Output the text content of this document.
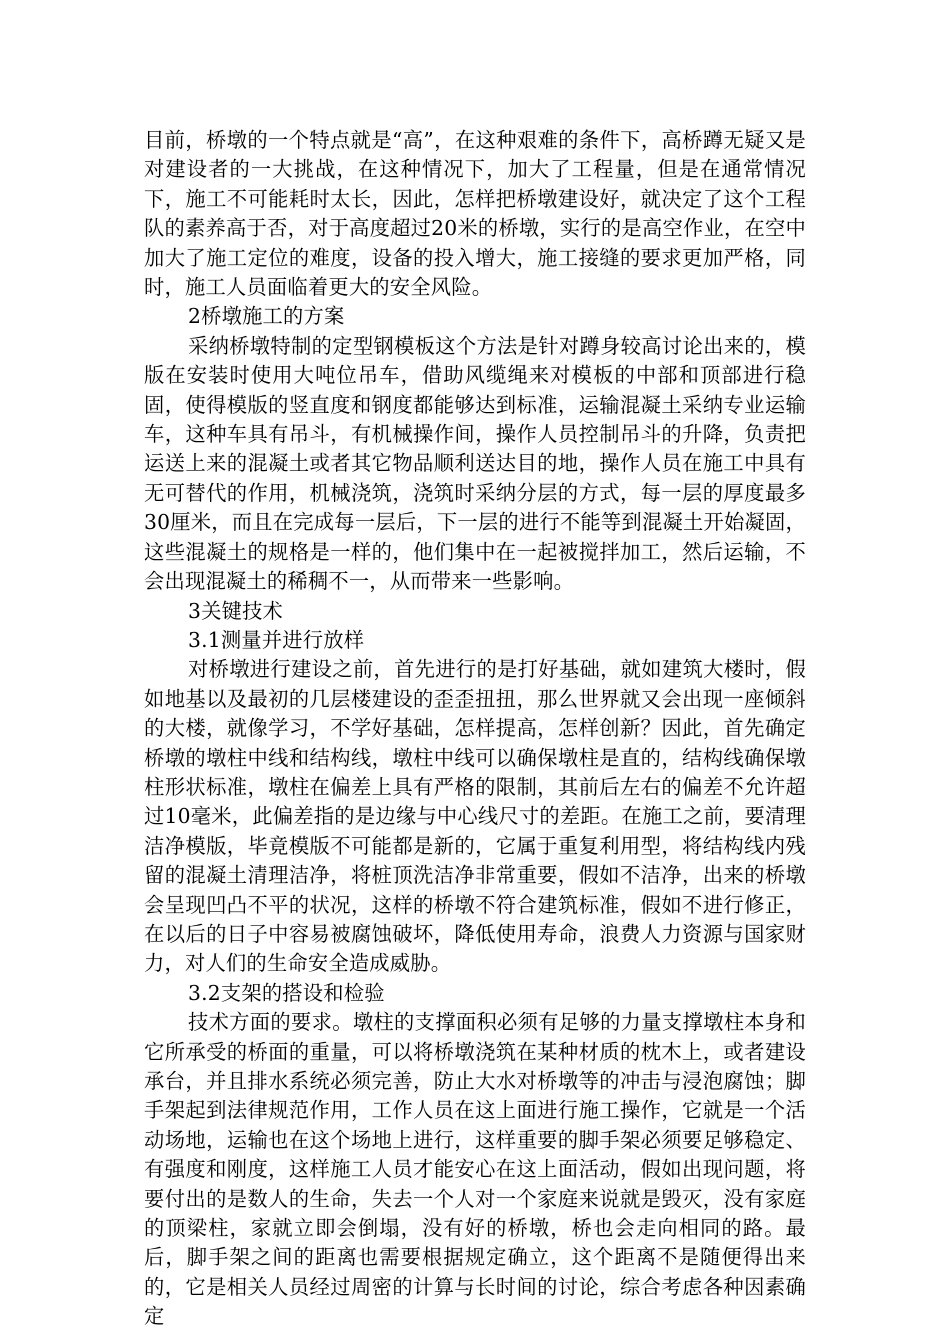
目前，桥墩的一个特点就是“高”，在这种艰难的条件下，高桥蹲无疑又是对建设者的一大挑战，在这种情况下，加大了工程量，但是在通常情况下，施工不可能耗时太长，因此，怎样把桥墩建设好，就决定了这个工程队的素养高于否，对于高度超过20米的桥墩，实行的是高空作业，在空中加大了施工定位的难度，设备的投入增大，施工接缝的要求更加严格，同时，施工人员面临着更大的安全风险。

2桥墩施工的方案

采纳桥墩特制的定型钢模板这个方法是针对蹲身较高讨论出来的，模版在安装时使用大吨位吊车，借助风缆绳来对模板的中部和顶部进行稳固，使得模版的竖直度和钢度都能够达到标准，运输混凝土采纳专业运输车，这种车具有吊斗，有机械操作间，操作人员控制吊斗的升降，负责把运送上来的混凝土或者其它物品顺利送达目的地，操作人员在施工中具有无可替代的作用，机械浇筑，浇筑时采纳分层的方式，每一层的厚度最多30厘米，而且在完成每一层后，下一层的进行不能等到混凝土开始凝固，这些混凝土的规格是一样的，他们集中在一起被搅拌加工，然后运输，不会出现混凝土的稀稠不一，从而带来一些影响。

3关键技术

3.1测量并进行放样

对桥墩进行建设之前，首先进行的是打好基础，就如建筑大楼时，假如地基以及最初的几层楼建设的歪歪扭扭，那么世界就又会出现一座倾斜的大楼，就像学习，不学好基础，怎样提高，怎样创新？因此，首先确定桥墩的墩柱中线和结构线，墩柱中线可以确保墩柱是直的，结构线确保墩柱形状标准，墩柱在偏差上具有严格的限制，其前后左右的偏差不允许超过10毫米，此偏差指的是边缘与中心线尺寸的差距。在施工之前，要清理洁净模版，毕竟模版不可能都是新的，它属于重复利用型，将结构线内残留的混凝土清理洁净，将桩顶洗洁净非常重要，假如不洁净，出来的桥墩会呈现凹凸不平的状况，这样的桥墩不符合建筑标准，假如不进行修正，在以后的日子中容易被腐蚀破坏，降低使用寿命，浪费人力资源与国家财力，对人们的生命安全造成威胁。

3.2支架的搭设和检验

技术方面的要求。墩柱的支撑面积必须有足够的力量支撑墩柱本身和它所承受的桥面的重量，可以将桥墩浇筑在某种材质的枕木上，或者建设承台，并且排水系统必须完善，防止大水对桥墩等的冲击与浸泡腐蚀；脚手架起到法律规范作用，工作人员在这上面进行施工操作，它就是一个活动场地，运输也在这个场地上进行，这样重要的脚手架必须要足够稳定、有强度和刚度，这样施工人员才能安心在这上面活动，假如出现问题，将要付出的是数人的生命，失去一个人对一个家庭来说就是毁灭，没有家庭的顶梁柱，家就立即会倒塌，没有好的桥墩，桥也会走向相同的路。最后，脚手架之间的距离也需要根据规定确立，这个距离不是随便得出来的，它是相关人员经过周密的计算与长时间的讨论，综合考虑各种因素确定
